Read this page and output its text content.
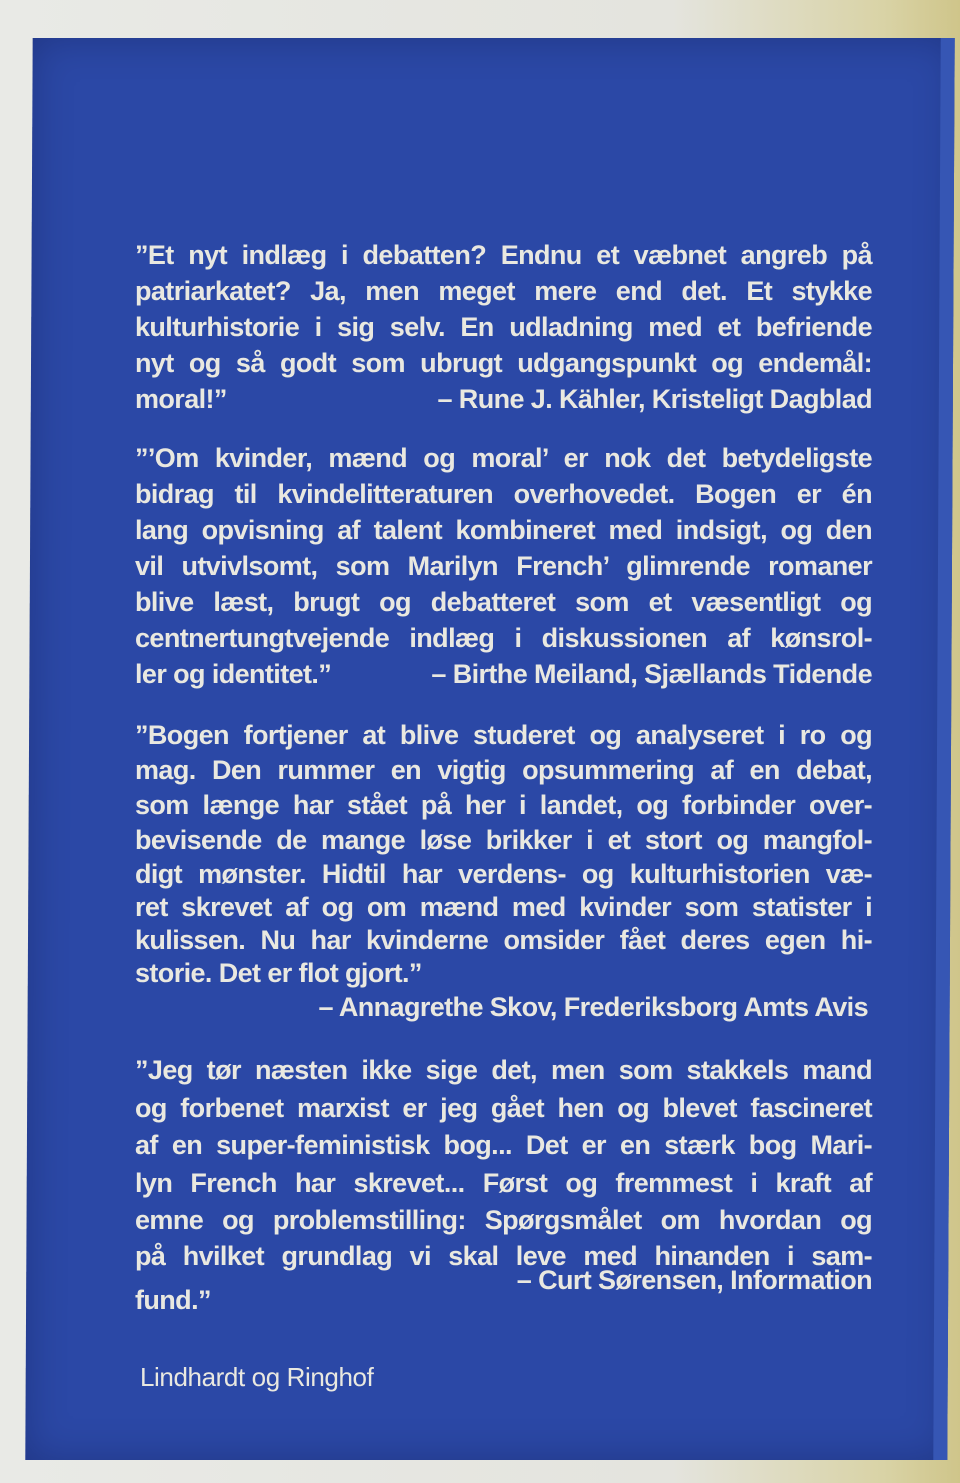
”Et nyt indlæg i debatten? Endnu et væbnet angreb på
patriarkatet? Ja, men meget mere end det. Et stykke
kulturhistorie i sig selv. En udladning med et befriende
nyt og så godt som ubrugt udgangspunkt og endemål:
moral!”	– Rune J. Kähler, Kristeligt Dagblad
”’Om kvinder, mænd og moral’ er nok det betydeligste
bidrag til kvindelitteraturen overhovedet. Bogen er én
lang opvisning af talent kombineret med indsigt, og den
vil utvivlsomt, som Marilyn French’ glimrende romaner
blive læst, brugt og debatteret som et væsentligt og
centnertungtvejende indlæg i diskussionen af kønsrol-
ler og identitet.”	– Birthe Meiland, Sjællands Tidende
”Bogen fortjener at blive studeret og analyseret i ro og
mag. Den rummer en vigtig opsummering af en debat,
som længe har stået på her i landet, og forbinder over-
bevisende de mange løse brikker i et stort og mangfol-
digt mønster. Hidtil har verdens- og kulturhistorien væ-
ret skrevet af og om mænd med kvinder som statister i
kulissen. Nu har kvinderne omsider fået deres egen hi-
storie. Det er flot gjort.”
– Annagrethe Skov, Frederiksborg Amts Avis
”Jeg tør næsten ikke sige det, men som stakkels mand
og forbenet marxist er jeg gået hen og blevet fascineret
af en super-feministisk bog... Det er en stærk bog Mari-
lyn French har skrevet... Først og fremmest i kraft af
emne og problemstilling: Spørgsmålet om hvordan og
på hvilket grundlag vi skal leve med hinanden i sam-
– Curt Sørensen, Information
fund.”
Lindhardt og Ringhof
